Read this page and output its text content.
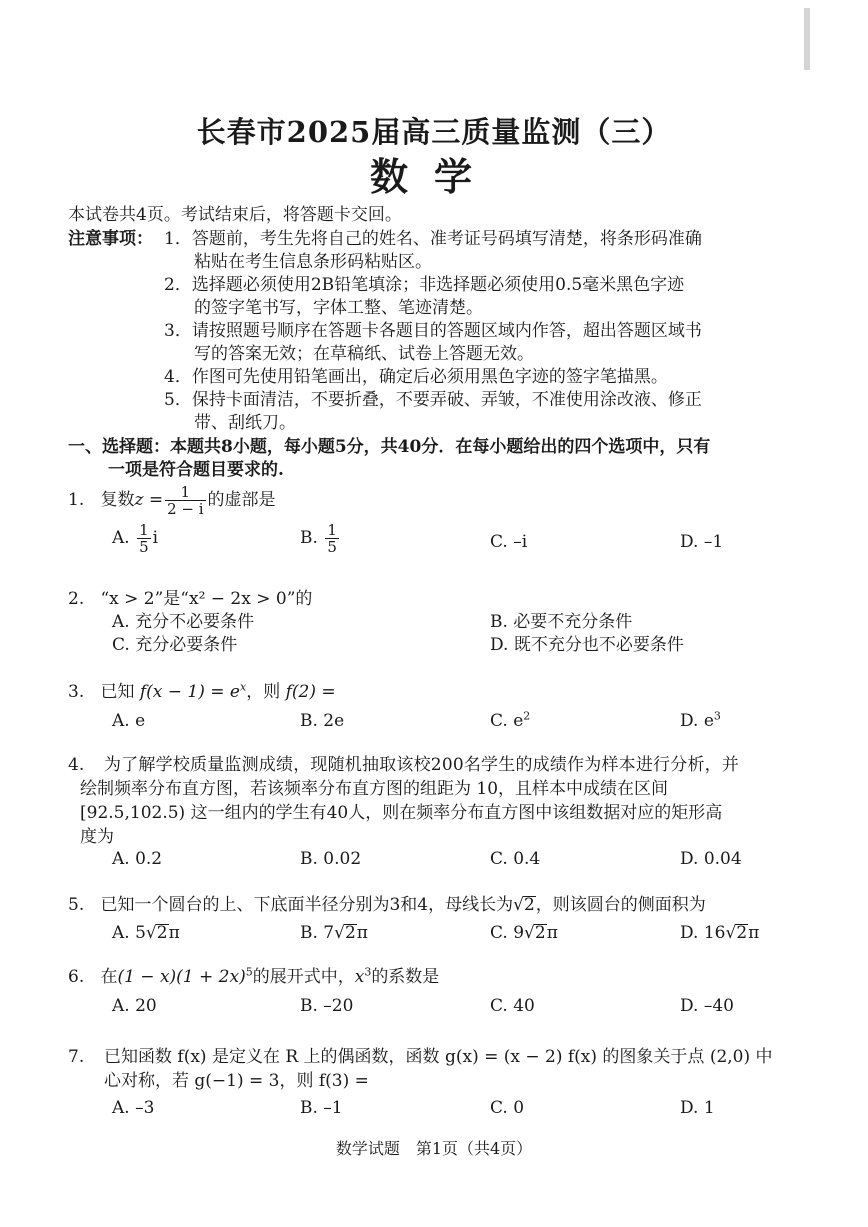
长春市2025届高三质量监测（三）
数学
本试卷共4页。考试结束后，将答题卡交回。
注意事项： 1．答题前，考生先将自己的姓名、准考证号码填写清楚，将条形码准确
粘贴在考生信息条形码粘贴区。
2．选择题必须使用2B铅笔填涂；非选择题必须使用0.5毫米黑色字迹
的签字笔书写，字体工整、笔迹清楚。
3．请按照题号顺序在答题卡各题目的答题区域内作答，超出答题区域书
写的答案无效；在草稿纸、试卷上答题无效。
4．作图可先使用铅笔画出，确定后必须用黑色字迹的签字笔描黑。
5．保持卡面清洁，不要折叠，不要弄破、弄皱，不准使用涂改液、修正
带、刮纸刀。
一、选择题：本题共8小题，每小题5分，共40分．在每小题给出的四个选项中，只有
一项是符合题目要求的.
1. 复数$z = \frac{1}{2 - i}$ 的虚部是
A. $\frac{1}{5}$ i	B. $\frac{1}{5}$	C. –i	D. –1
2. “x > 2”是“x² − 2x > 0”的
A. 充分不必要条件	B. 必要不充分条件
C. 充分必要条件	D. 既不充分也不必要条件
3. 已知 $f(x - 1) = e^x$，则 f(2) =
A. e	B. 2e	C. $e^2$	D. $e^3$
4. 为了解学校质量监测成绩，现随机抽取该校200名学生的成绩作为样本进行分析，并
绘制频率分布直方图，若该频率分布直方图的组距为 10，且样本中成绩在区间
[92.5,102.5) 这一组内的学生有40人，则在频率分布直方图中该组数据对应的矩形高
度为
A. 0.2	B. 0.02	C. 0.4	D. 0.04
5. 已知一个圆台的上、下底面半径分别为3和4，母线长为√2，则该圆台的侧面积为
A. 5√2π	B. 7√2π	C. 9√2π	D. 16√2π
6. 在$(1 - x)(1 + 2x)^5$的展开式中，$x^3$的系数是
A. 20	B. –20	C. 40	D. –40
7. 已知函数 f(x) 是定义在 R 上的偶函数，函数 g(x) = (x − 2) f(x) 的图象关于点 (2,0) 中
心对称，若 g(−1) = 3，则 f(3) =
A. –3	B. –1	C. 0	D. 1
数学试题　第1页（共4页）
